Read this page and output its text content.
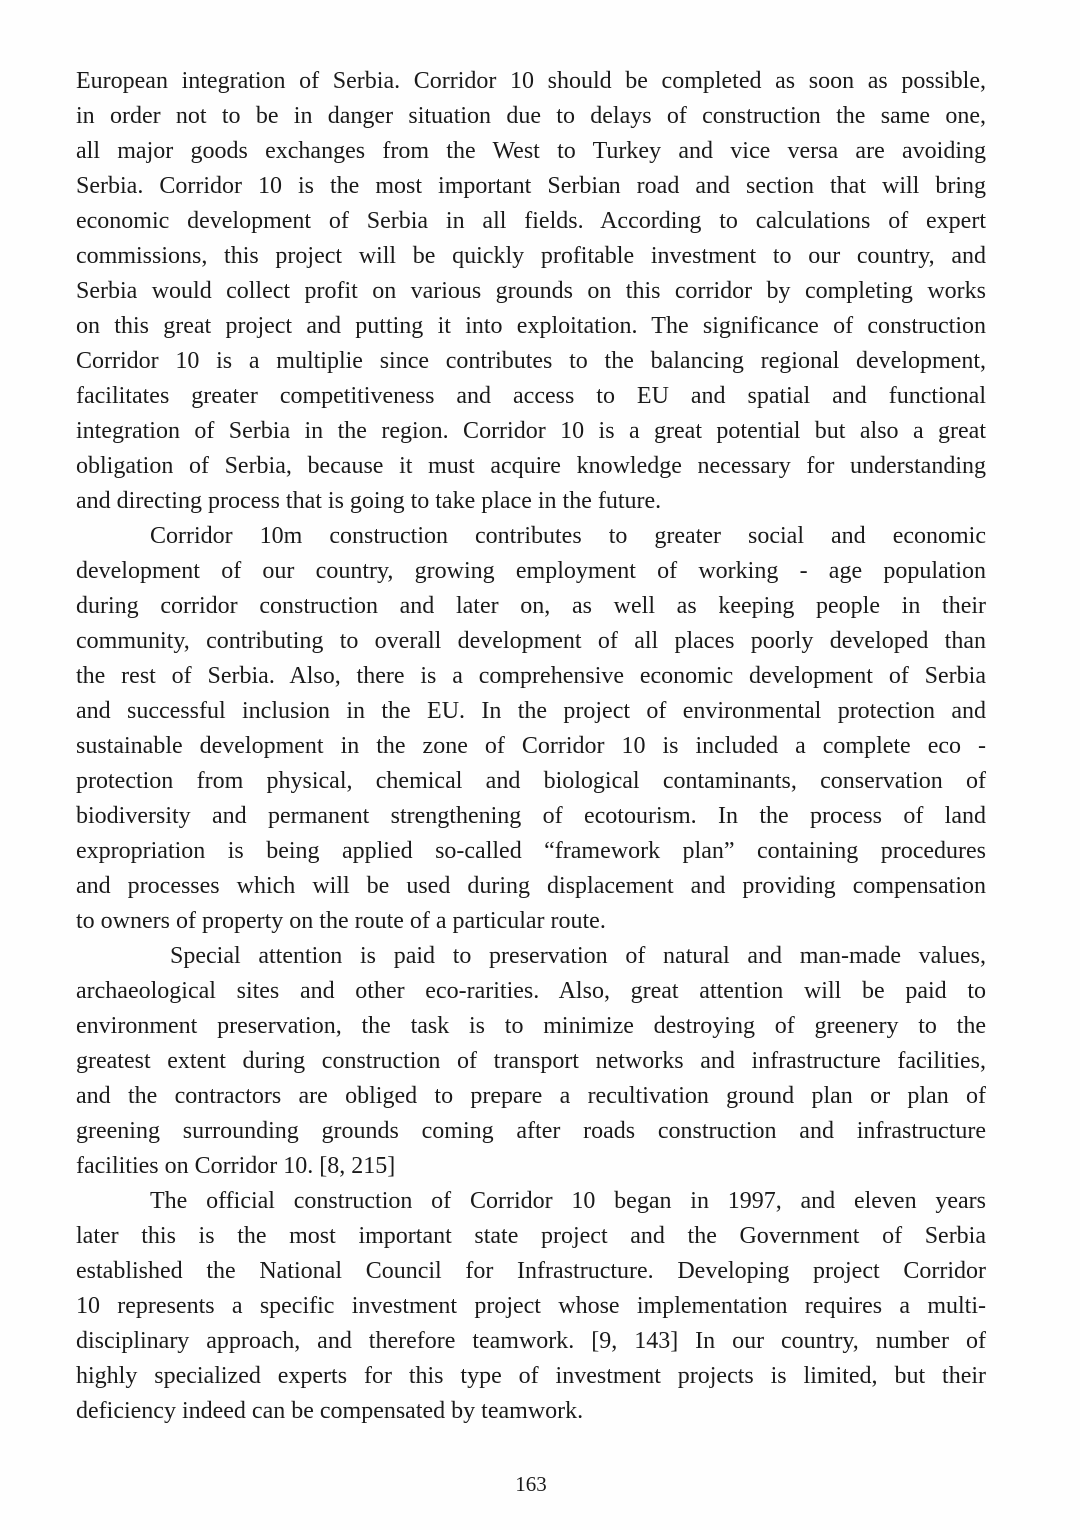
European integration of Serbia. Corridor 10 should be completed as soon as possible,
in order not to be in danger situation due to delays of construction the same one,
all major goods exchanges from the West to Turkey and vice versa are avoiding
Serbia. Corridor 10 is the most important Serbian road and section that will bring
economic development of Serbia in all fields. According to calculations of expert
commissions, this project will be quickly profitable investment to our country, and
Serbia would collect profit on various grounds on this corridor by completing works
on this great project and putting it into exploitation. The significance of construction
Corridor 10 is a multiplie since contributes to the balancing regional development,
facilitates greater competitiveness and access to EU and spatial and functional
integration of Serbia in the region. Corridor 10 is a great potential but also a great
obligation of Serbia, because it must acquire knowledge necessary for understanding
and directing process that is going to take place in the future.
Corridor 10m construction contributes to greater social and economic
development of our country, growing employment of working - age population
during corridor construction and later on, as well as keeping people in their
community, contributing to overall development of all places poorly developed than
the rest of Serbia. Also, there is a comprehensive economic development of Serbia
and successful inclusion in the EU. In the project of environmental protection and
sustainable development in the zone of Corridor 10 is included a complete eco -
protection from physical, chemical and biological contaminants, conservation of
biodiversity and permanent strengthening of ecotourism. In the process of land
expropriation is being applied so-called “framework plan” containing procedures
and processes which will be used during displacement and providing compensation
to owners of property on the route of a particular route.
Special attention is paid to preservation of natural and man-made values,
archaeological sites and other eco-rarities. Also, great attention will be paid to
environment preservation, the task is to minimize destroying of greenery to the
greatest extent during construction of transport networks and infrastructure facilities,
and the contractors are obliged to prepare a recultivation ground plan or plan of
greening surrounding grounds coming after roads construction and infrastructure
facilities on Corridor 10. [8, 215]
The official construction of Corridor 10 began in 1997, and eleven years
later this is the most important state project and the Government of Serbia
established the National Council for Infrastructure. Developing project Corridor
10 represents a specific investment project whose implementation requires a multi-
disciplinary approach, and therefore teamwork. [9, 143] In our country, number of
highly specialized experts for this type of investment projects is limited, but their
deficiency indeed can be compensated by teamwork.
163
